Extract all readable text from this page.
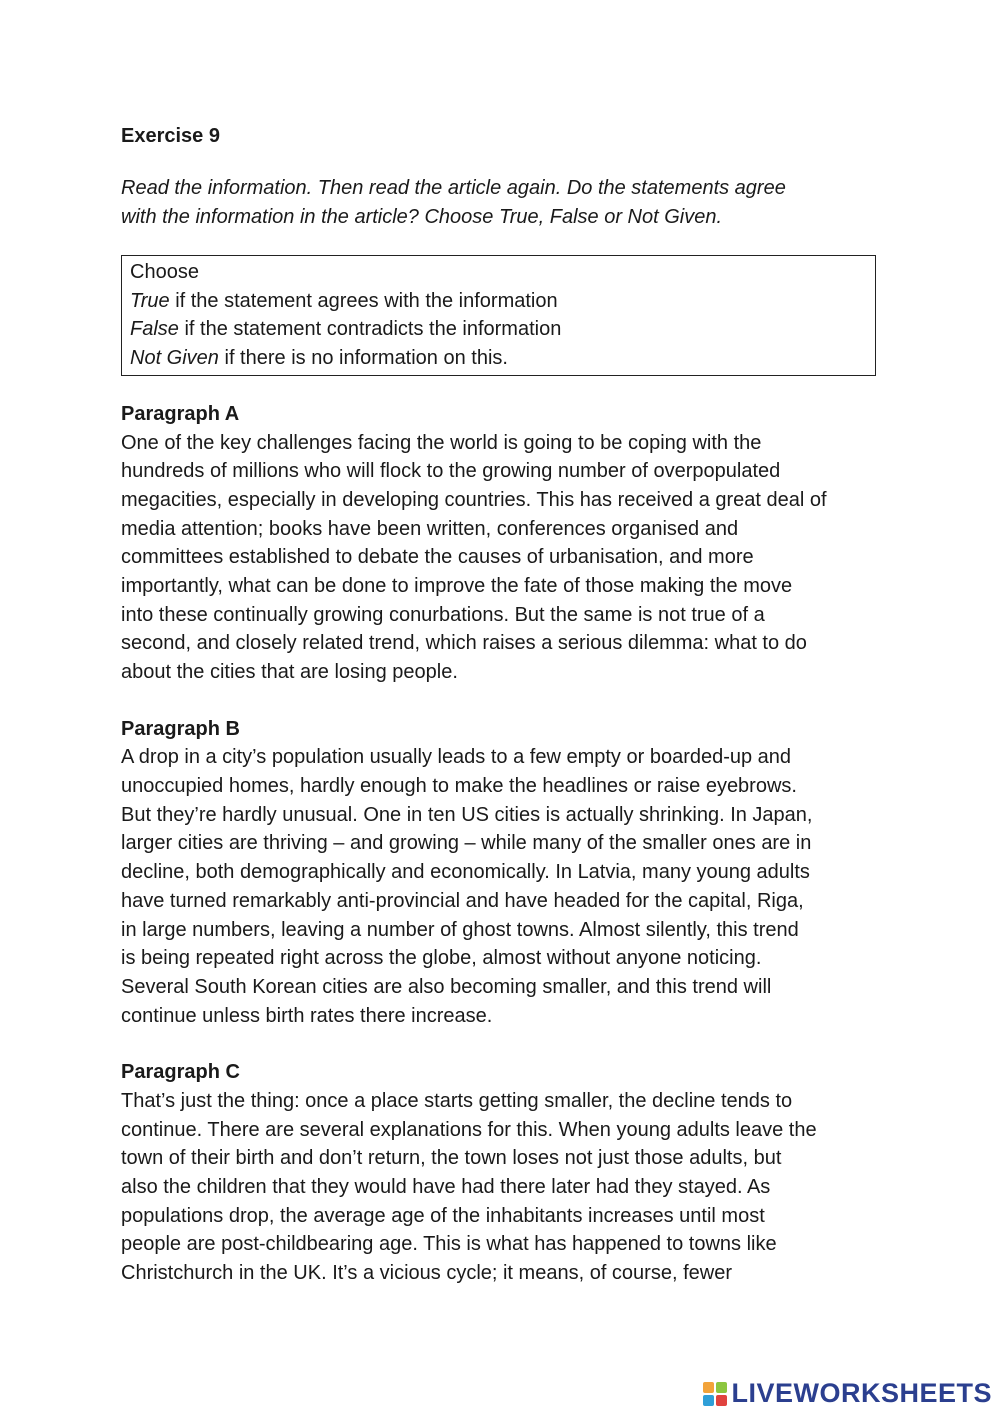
Exercise 9

Read the information. Then read the article again. Do the statements agree
with the information in the article? Choose True, False or Not Given.

Choose
True if the statement agrees with the information
False if the statement contradicts the information
Not Given if there is no information on this.
Paragraph A

One of the key challenges facing the world is going to be coping with the
hundreds of millions who will flock to the growing number of overpopulated
megacities, especially in developing countries. This has received a great deal of
media attention; books have been written, conferences organised and
committees established to debate the causes of urbanisation, and more
importantly, what can be done to improve the fate of those making the move
into these continually growing conurbations. But the same is not true of a
second, and closely related trend, which raises a serious dilemma: what to do
about the cities that are losing people.

Paragraph B

A drop in a city’s population usually leads to a few empty or boarded-up and
unoccupied homes, hardly enough to make the headlines or raise eyebrows.
But they’re hardly unusual. One in ten US cities is actually shrinking. In Japan,
larger cities are thriving – and growing – while many of the smaller ones are in
decline, both demographically and economically. In Latvia, many young adults
have turned remarkably anti-provincial and have headed for the capital, Riga,
in large numbers, leaving a number of ghost towns. Almost silently, this trend
is being repeated right across the globe, almost without anyone noticing.
Several South Korean cities are also becoming smaller, and this trend will
continue unless birth rates there increase.

Paragraph C

That’s just the thing: once a place starts getting smaller, the decline tends to
continue. There are several explanations for this. When young adults leave the
town of their birth and don’t return, the town loses not just those adults, but
also the children that they would have had there later had they stayed. As
populations drop, the average age of the inhabitants increases until most
people are post-childbearing age. This is what has happened to towns like
Christchurch in the UK. It’s a vicious cycle; it means, of course, fewer

LIVEWORKSHEETS
